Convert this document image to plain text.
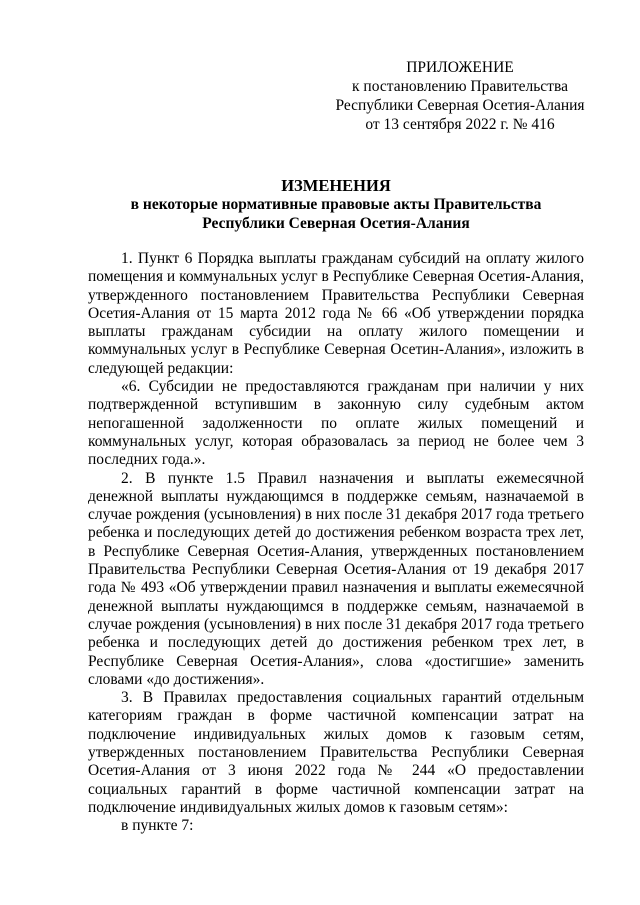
ПРИЛОЖЕНИЕ
к постановлению Правительства
Республики Северная Осетия-Алания
от 13 сентября 2022 г. № 416
ИЗМЕНЕНИЯ
в некоторые нормативные правовые акты Правительства
Республики Северная Осетия-Алания

1. Пункт 6 Порядка выплаты гражданам субсидий на оплату жилого помещения и коммунальных услуг в Республике Северная Осетия-Алания, утвержденного постановлением Правительства Республики Северная Осетия-Алания от 15 марта 2012 года № 66 «Об утверждении порядка выплаты гражданам субсидии на оплату жилого помещении и коммунальных услуг в Республике Северная Осетин-Алания», изложить в следующей редакции:

«6. Субсидии не предоставляются гражданам при наличии у них подтвержденной вступившим в законную силу судебным актом непогашенной задолженности по оплате жилых помещений и коммунальных услуг, которая образовалась за период не более чем 3 последних года.».

2. В пункте 1.5 Правил назначения и выплаты ежемесячной денежной выплаты нуждающимся в поддержке семьям, назначаемой в случае рождения (усыновления) в них после 31 декабря 2017 года третьего ребенка и последующих детей до достижения ребенком возраста трех лет, в Республике Северная Осетия-Алания, утвержденных постановлением Правительства Республики Северная Осетия-Алания от 19 декабря 2017 года № 493 «Об утверждении правил назначения и выплаты ежемесячной денежной выплаты нуждающимся в поддержке семьям, назначаемой в случае рождения (усыновления) в них после 31 декабря 2017 года третьего ребенка и последующих детей до достижения ребенком трех лет, в Республике Северная Осетия-Алания», слова «достигшие» заменить словами «до достижения».

3. В Правилах предоставления социальных гарантий отдельным категориям граждан в форме частичной компенсации затрат на подключение индивидуальных жилых домов к газовым сетям, утвержденных постановлением Правительства Республики Северная Осетия-Алания от 3 июня 2022 года № 244 «О предоставлении социальных гарантий в форме частичной компенсации затрат на подключение индивидуальных жилых домов к газовым сетям»:

в пункте 7:
